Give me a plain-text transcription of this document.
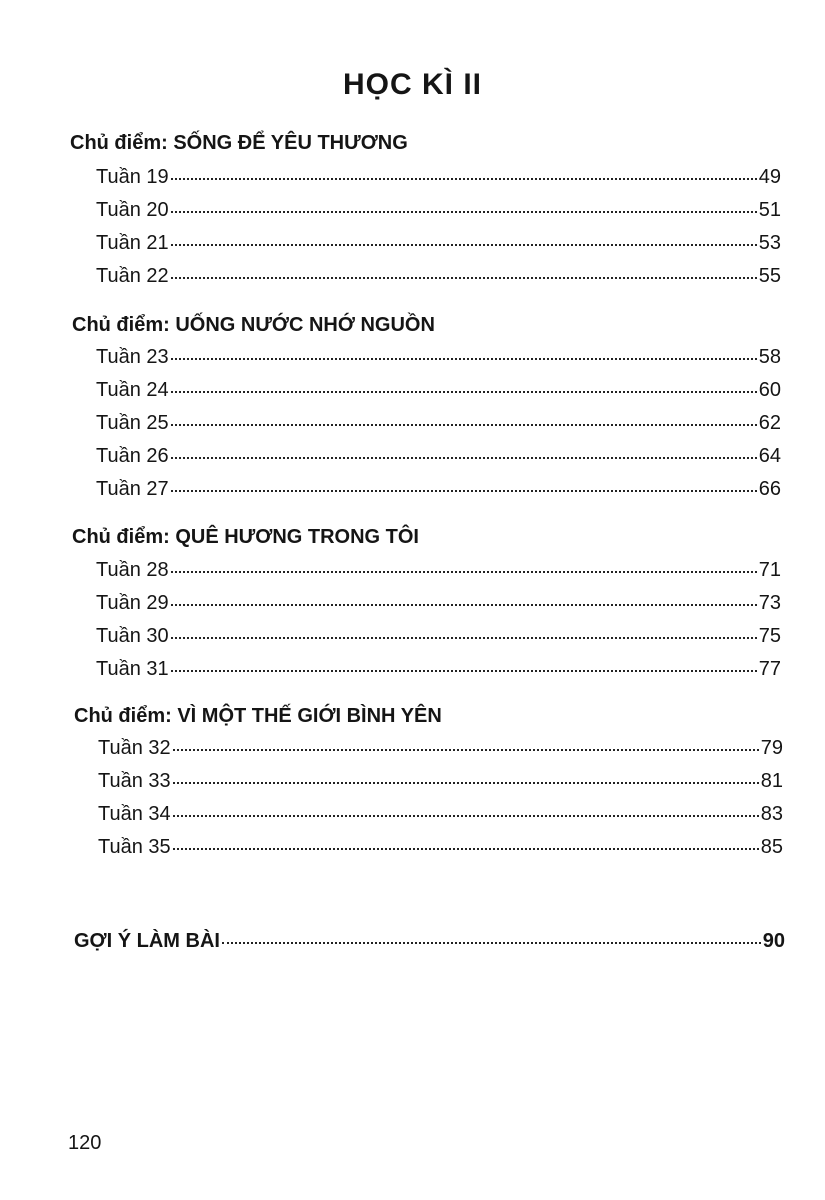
HỌC KÌ II
Chủ điểm: SỐNG ĐỂ YÊU THƯƠNG
Tuần 19	49
Tuần 20	51
Tuần 21	53
Tuần 22	55
Chủ điểm: UỐNG NƯỚC NHỚ NGUỒN
Tuần 23	58
Tuần 24	60
Tuần 25	62
Tuần 26	64
Tuần 27	66
Chủ điểm: QUÊ HƯƠNG TRONG TÔI
Tuần 28	71
Tuần 29	73
Tuần 30	75
Tuần 31	77
Chủ điểm: VÌ MỘT THẾ GIỚI BÌNH YÊN
Tuần 32	79
Tuần 33	81
Tuần 34	83
Tuần 35	85
GỢI Ý LÀM BÀI	90
120
